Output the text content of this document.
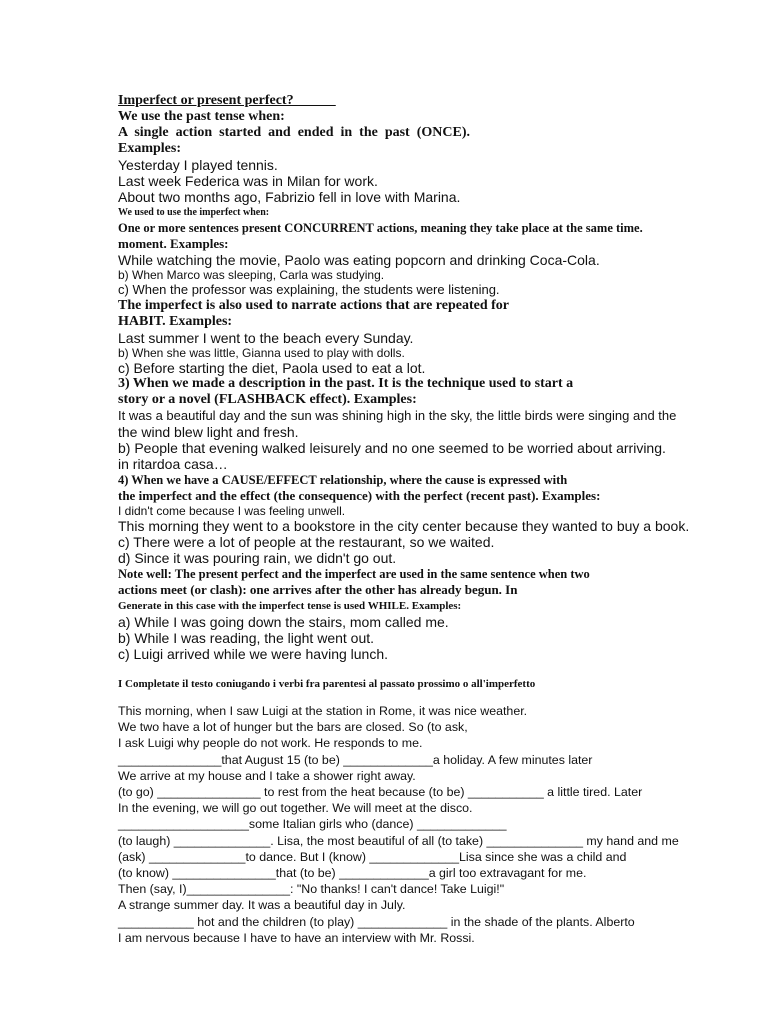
Imperfect or present perfect?______
We use the past tense when:
A single action started and ended in the past (ONCE).
Examples:
Yesterday I played tennis.
Last week Federica was in Milan for work.
About two months ago, Fabrizio fell in love with Marina.
We used to use the imperfect when:
One or more sentences present CONCURRENT actions, meaning they take place at the same time.
moment. Examples:
While watching the movie, Paolo was eating popcorn and drinking Coca-Cola.
b) When Marco was sleeping, Carla was studying.
c) When the professor was explaining, the students were listening.
The imperfect is also used to narrate actions that are repeated for
HABIT. Examples:
Last summer I went to the beach every Sunday.
b) When she was little, Gianna used to play with dolls.
c) Before starting the diet, Paola used to eat a lot.
3) When we made a description in the past. It is the technique used to start a
story or a novel (FLASHBACK effect). Examples:
It was a beautiful day and the sun was shining high in the sky, the little birds were singing and the
the wind blew light and fresh.
b) People that evening walked leisurely and no one seemed to be worried about arriving.
in ritardoa casa…
4) When we have a CAUSE/EFFECT relationship, where the cause is expressed with
the imperfect and the effect (the consequence) with the perfect (recent past). Examples:
I didn't come because I was feeling unwell.
This morning they went to a bookstore in the city center because they wanted to buy a book.
c) There were a lot of people at the restaurant, so we waited.
d) Since it was pouring rain, we didn't go out.
Note well: The present perfect and the imperfect are used in the same sentence when two
actions meet (or clash): one arrives after the other has already begun. In
Generate in this case with the imperfect tense is used WHILE. Examples:
a) While I was going down the stairs, mom called me.
b) While I was reading, the light went out.
c) Luigi arrived while we were having lunch.
I Completate il testo coniugando i verbi fra parentesi al passato prossimo o all'imperfetto
This morning, when I saw Luigi at the station in Rome, it was nice weather.
We two have a lot of hunger but the bars are closed. So (to ask,
I ask Luigi why people do not work. He responds to me.
_______________that August 15 (to be) _____________a holiday. A few minutes later
We arrive at my house and I take a shower right away.
(to go) _______________ to rest from the heat because (to be) ___________ a little tired. Later
In the evening, we will go out together. We will meet at the disco.
___________________some Italian girls who (dance) _____________
(to laugh) ______________. Lisa, the most beautiful of all (to take) ______________ my hand and me
(ask) ______________to dance. But I (know) _____________Lisa since she was a child and
(to know) _______________that (to be) _____________a girl too extravagant for me.
Then (say, I)_______________: "No thanks! I can't dance! Take Luigi!"
A strange summer day. It was a beautiful day in July.
___________ hot and the children (to play) _____________ in the shade of the plants. Alberto
I am nervous because I have to have an interview with Mr. Rossi.
